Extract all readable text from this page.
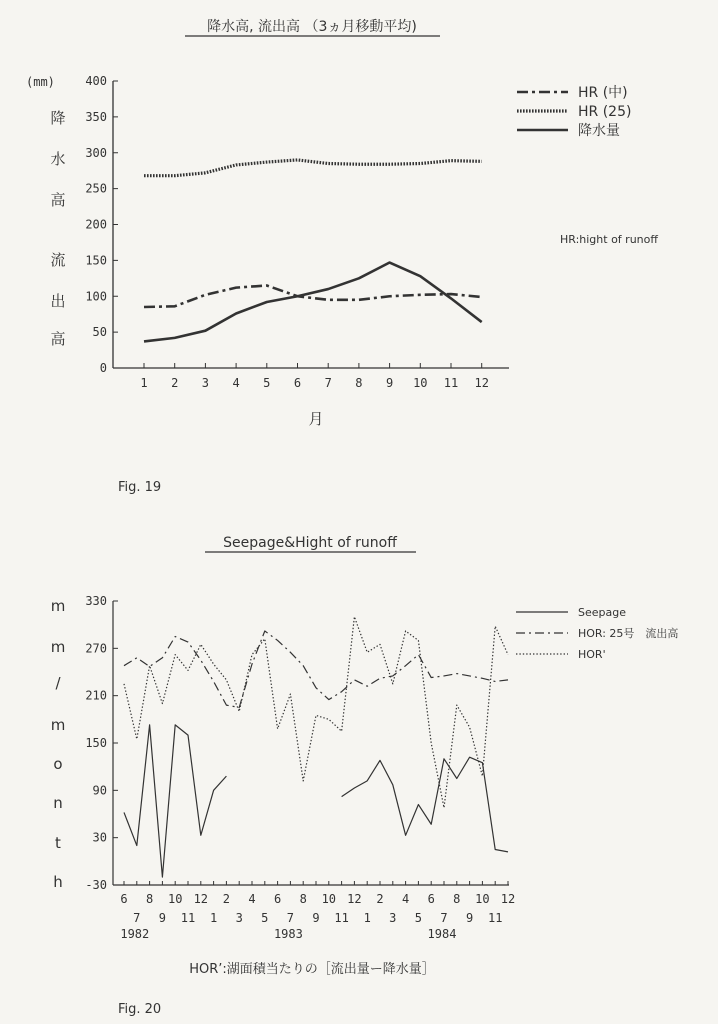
降水高, 流出高 （3ヵ月移動平均)
(mm)
降
水
高
流
出
高
月
HR:hight of runoff
Fig. 19
0
50
100
150
200
250
300
350
400
1 2 3 4 5 6 7 8 9 10 11 12
HR (中)
HR (25)
降水量
Seepage&Hight of runoff
m
m
/
m
o
n
t
h
HOR’:湖面積当たりの［流出量ー降水量］
Fig. 20
-30
30
90
150
210
270
330
6
7
8
9
10
11
12
1
2
3
4
5
6
7
8
9
10
11
12
1
2
3
4
5
6
7
8
9
10
11
12
1982	1983	1984
Seepage
HOR: 25号　流出高
HOR'
